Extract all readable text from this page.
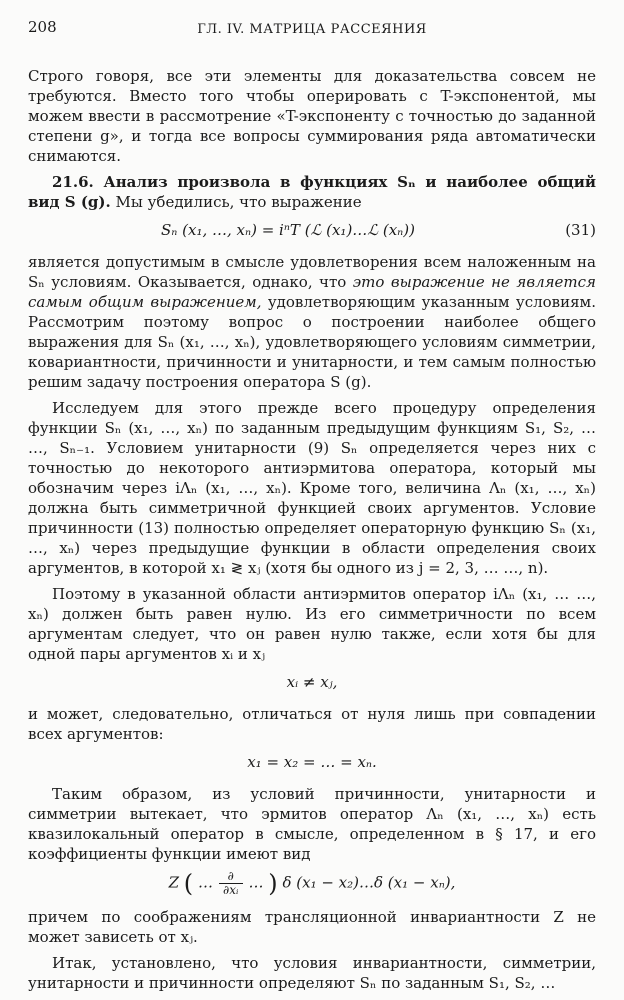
208	ГЛ. IV. МАТРИЦА РАССЕЯНИЯ

Строго говоря, все эти элементы для доказательства совсем не требуются. Вместо того чтобы оперировать с T-экспонентой, мы можем ввести в рассмотрение «T-экспоненту с точностью до заданной степени g», и тогда все вопросы суммирования ряда автоматически снимаются.

21.6. Анализ произвола в функциях Sₙ и наиболее общий вид S (g). Мы убедились, что выражение

Sₙ (x₁, …, xₙ) = iⁿT (ℒ (x₁)…ℒ (xₙ))	(31)

является допустимым в смысле удовлетворения всем наложенным на Sₙ условиям. Оказывается, однако, что это выражение не является самым общим выражением, удовлетворяющим указанным условиям. Рассмотрим поэтому вопрос о построении наиболее общего выражения для Sₙ (x₁, …, xₙ), удовлетворяющего условиям симметрии, ковариантности, причинности и унитарности, и тем самым полностью решим задачу построения оператора S (g).

Исследуем для этого прежде всего процедуру определения функции Sₙ (x₁, …, xₙ) по заданным предыдущим функциям S₁, S₂, … …, Sₙ₋₁. Условием унитарности (9) Sₙ определяется через них с точностью до некоторого антиэрмитова оператора, который мы обозначим через iΛₙ (x₁, …, xₙ). Кроме того, величина Λₙ (x₁, …, xₙ) должна быть симметричной функцией своих аргументов. Условие причинности (13) полностью определяет операторную функцию Sₙ (x₁, …, xₙ) через предыдущие функции в области определения своих аргументов, в которой x₁ ≷ xⱼ (хотя бы одного из j = 2, 3, … …, n).

Поэтому в указанной области антиэрмитов оператор iΛₙ (x₁, … …, xₙ) должен быть равен нулю. Из его симметричности по всем аргументам следует, что он равен нулю также, если хотя бы для одной пары аргументов xᵢ и xⱼ

xᵢ ≠ xⱼ,

и может, следовательно, отличаться от нуля лишь при совпадении всех аргументов:

x₁ = x₂ = … = xₙ.

Таким образом, из условий причинности, унитарности и симметрии вытекает, что эрмитов оператор Λₙ (x₁, …, xₙ) есть квазилокальный оператор в смысле, определенном в § 17, и его коэффициенты функции имеют вид

Z ( … ∂
∂xᵢ … ) δ (x₁ − x₂)…δ (x₁ − xₙ),

причем по соображениям трансляционной инвариантности Z не может зависеть от xⱼ.

Итак, установлено, что условия инвариантности, симметрии, унитарности и причинности определяют Sₙ по заданным S₁, S₂, …
